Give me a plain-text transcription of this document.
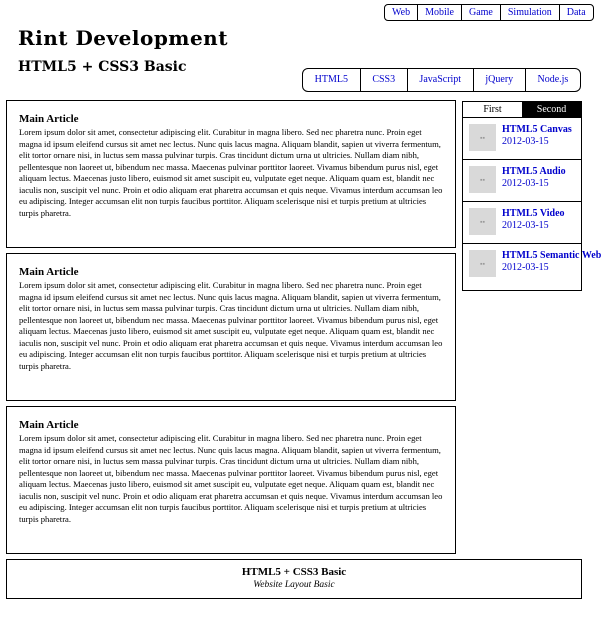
Web	Mobile	Game	Simulation	Data
Rint Development
HTML5 + CSS3 Basic
HTML5	CSS3	JavaScript	jQuery	Node.js
Main Article

Lorem ipsum dolor sit amet, consectetur adipiscing elit. Curabitur in magna libero. Sed nec pharetra nunc. Proin eget magna id ipsum eleifend cursus sit amet nec lectus. Nunc quis lacus magna. Aliquam blandit, sapien ut viverra fermentum, elit tortor ornare nisi, in luctus sem massa pulvinar turpis. Cras tincidunt dictum urna ut ultricies. Nullam diam nibh, pellentesque non laoreet ut, bibendum nec massa. Maecenas pulvinar porttitor laoreet. Vivamus bibendum purus nisl, eget aliquam lectus. Maecenas justo libero, euismod sit amet suscipit eu, vulputate eget neque. Aliquam quam est, blandit nec iaculis non, suscipit vel nunc. Proin et odio aliquam erat pharetra accumsan et quis neque. Vivamus interdum accumsan leo eu adipiscing. Integer accumsan elit non turpis faucibus porttitor. Aliquam scelerisque nisi et turpis pretium at ultricies turpis pharetra.

Main Article

Lorem ipsum dolor sit amet, consectetur adipiscing elit. Curabitur in magna libero. Sed nec pharetra nunc. Proin eget magna id ipsum eleifend cursus sit amet nec lectus. Nunc quis lacus magna. Aliquam blandit, sapien ut viverra fermentum, elit tortor ornare nisi, in luctus sem massa pulvinar turpis. Cras tincidunt dictum urna ut ultricies. Nullam diam nibh, pellentesque non laoreet ut, bibendum nec massa. Maecenas pulvinar porttitor laoreet. Vivamus bibendum purus nisl, eget aliquam lectus. Maecenas justo libero, euismod sit amet suscipit eu, vulputate eget neque. Aliquam quam est, blandit nec iaculis non, suscipit vel nunc. Proin et odio aliquam erat pharetra accumsan et quis neque. Vivamus interdum accumsan leo eu adipiscing. Integer accumsan elit non turpis faucibus porttitor. Aliquam scelerisque nisi et turpis pretium at ultricies turpis pharetra.

Main Article

Lorem ipsum dolor sit amet, consectetur adipiscing elit. Curabitur in magna libero. Sed nec pharetra nunc. Proin eget magna id ipsum eleifend cursus sit amet nec lectus. Nunc quis lacus magna. Aliquam blandit, sapien ut viverra fermentum, elit tortor ornare nisi, in luctus sem massa pulvinar turpis. Cras tincidunt dictum urna ut ultricies. Nullam diam nibh, pellentesque non laoreet ut, bibendum nec massa. Maecenas pulvinar porttitor laoreet. Vivamus bibendum purus nisl, eget aliquam lectus. Maecenas justo libero, euismod sit amet suscipit eu, vulputate eget neque. Aliquam quam est, blandit nec iaculis non, suscipit vel nunc. Proin et odio aliquam erat pharetra accumsan et quis neque. Vivamus interdum accumsan leo eu adipiscing. Integer accumsan elit non turpis faucibus porttitor. Aliquam scelerisque nisi et turpis pretium at ultricies turpis pharetra.

First	Second
▪▪
HTML5 Canvas
2012-03-15
▪▪
HTML5 Audio
2012-03-15
▪▪
HTML5 Video
2012-03-15
▪▪
HTML5 Semantic Web
2012-03-15
HTML5 + CSS3 Basic
Website Layout Basic
